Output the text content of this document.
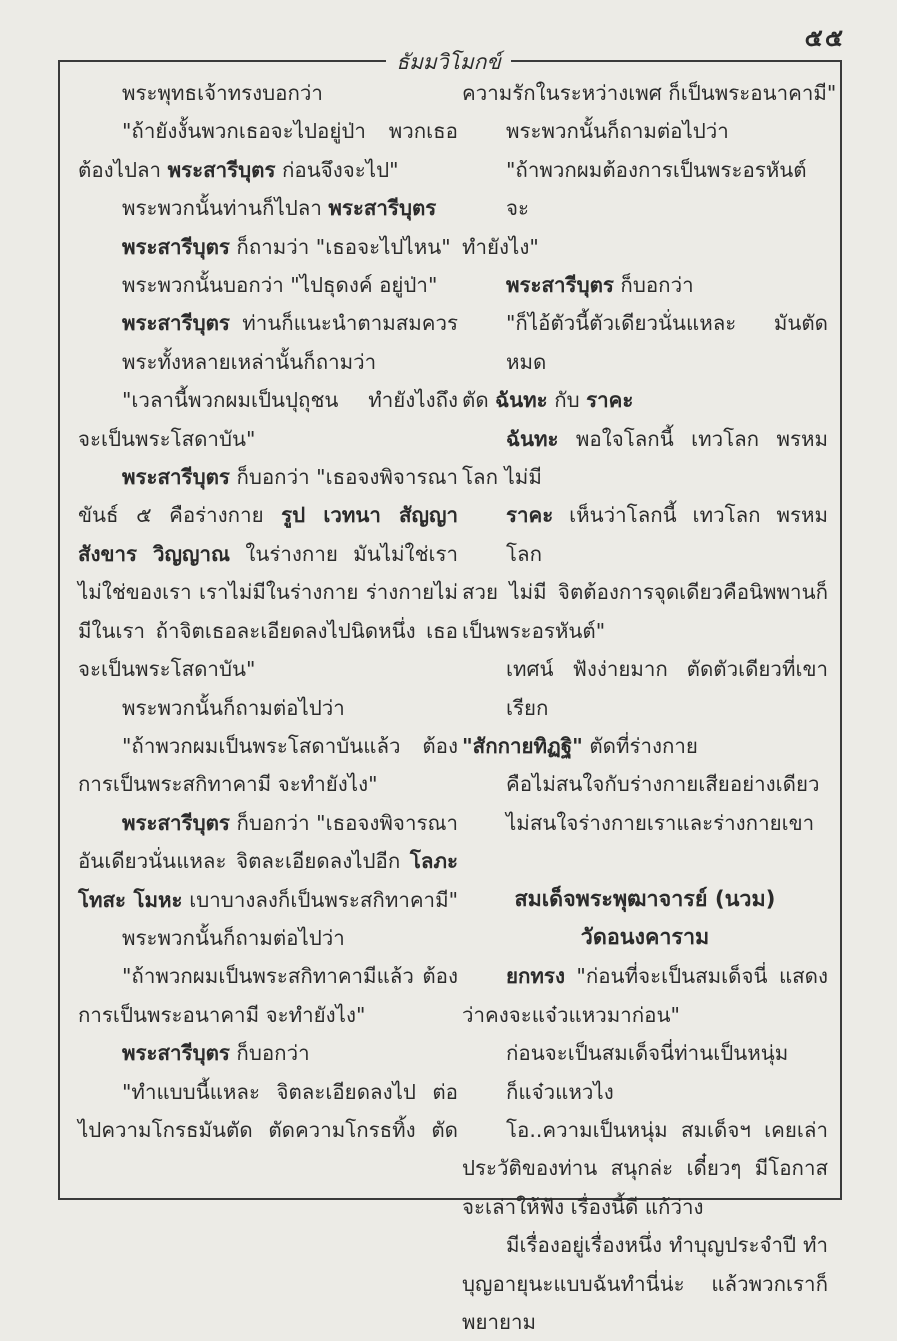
๕๕
ธัมมวิโมกข์

พระพุทธเจ้าทรงบอกว่า

"ถ้ายังงั้นพวกเธอจะไปอยู่ป่า พวกเธอ

ต้องไปลา พระสารีบุตร ก่อนจึงจะไป"

พระพวกนั้นท่านก็ไปลา พระสารีบุตร

พระสารีบุตร ก็ถามว่า "เธอจะไปไหน"

พระพวกนั้นบอกว่า "ไปธุดงค์ อยู่ป่า"

พระสารีบุตร ท่านก็แนะนำตามสมควร

พระทั้งหลายเหล่านั้นก็ถามว่า

"เวลานี้พวกผมเป็นปุถุชน ทำยังไงถึง

จะเป็นพระโสดาบัน"

พระสารีบุตร ก็บอกว่า "เธอจงพิจารณา

ขันธ์ ๕ คือร่างกาย รูป เวทนา สัญญา

สังขาร วิญญาณ ในร่างกาย มันไม่ใช่เรา

ไม่ใช่ของเรา เราไม่มีในร่างกาย ร่างกายไม่

มีในเรา ถ้าจิตเธอละเอียดลงไปนิดหนึ่ง เธอ

จะเป็นพระโสดาบัน"

พระพวกนั้นก็ถามต่อไปว่า

"ถ้าพวกผมเป็นพระโสดาบันแล้ว ต้อง

การเป็นพระสกิทาคามี จะทำยังไง"

พระสารีบุตร ก็บอกว่า "เธอจงพิจารณา

อันเดียวนั่นแหละ จิตละเอียดลงไปอีก โลภะ

โทสะ โมหะ เบาบางลงก็เป็นพระสกิทาคามี"

พระพวกนั้นก็ถามต่อไปว่า

"ถ้าพวกผมเป็นพระสกิทาคามีแล้ว ต้อง

การเป็นพระอนาคามี จะทำยังไง"

พระสารีบุตร ก็บอกว่า

"ทำแบบนี้แหละ จิตละเอียดลงไป ต่อ

ไปความโกรธมันตัด ตัดความโกรธทิ้ง ตัด

ความรักในระหว่างเพศ ก็เป็นพระอนาคามี"

พระพวกนั้นก็ถามต่อไปว่า

"ถ้าพวกผมต้องการเป็นพระอรหันต์ จะ

ทำยังไง"

พระสารีบุตร ก็บอกว่า

"ก็ไอ้ตัวนี้ตัวเดียวนั่นแหละ มันตัดหมด

ตัด ฉันทะ กับ ราคะ

ฉันทะ พอใจโลกนี้ เทวโลก พรหม

โลก ไม่มี

ราคะ เห็นว่าโลกนี้ เทวโลก พรหมโลก

สวย ไม่มี จิตต้องการจุดเดียวคือนิพพานก็

เป็นพระอรหันต์"

เทศน์ ฟังง่ายมาก ตัดตัวเดียวที่เขาเรียก

"สักกายทิฏฐิ" ตัดที่ร่างกาย

คือไม่สนใจกับร่างกายเสียอย่างเดียว

ไม่สนใจร่างกายเราและร่างกายเขา

สมเด็จพระพุฒาจารย์ (นวม)

วัดอนงคาราม

ยกทรง "ก่อนที่จะเป็นสมเด็จนี่ แสดง

ว่าคงจะแจ๋วแหวมาก่อน"

ก่อนจะเป็นสมเด็จนี่ท่านเป็นหนุ่ม

ก็แจ๋วแหวไง

โอ..ความเป็นหนุ่ม สมเด็จฯ เคยเล่า

ประวัติของท่าน สนุกล่ะ เดี๋ยวๆ มีโอกาส

จะเล่าให้ฟัง เรื่องนี้ดี แก้ว่าง

มีเรื่องอยู่เรื่องหนึ่ง ทำบุญประจำปี ทำ

บุญอายุนะแบบฉันทำนี่น่ะ แล้วพวกเราก็พยายาม
